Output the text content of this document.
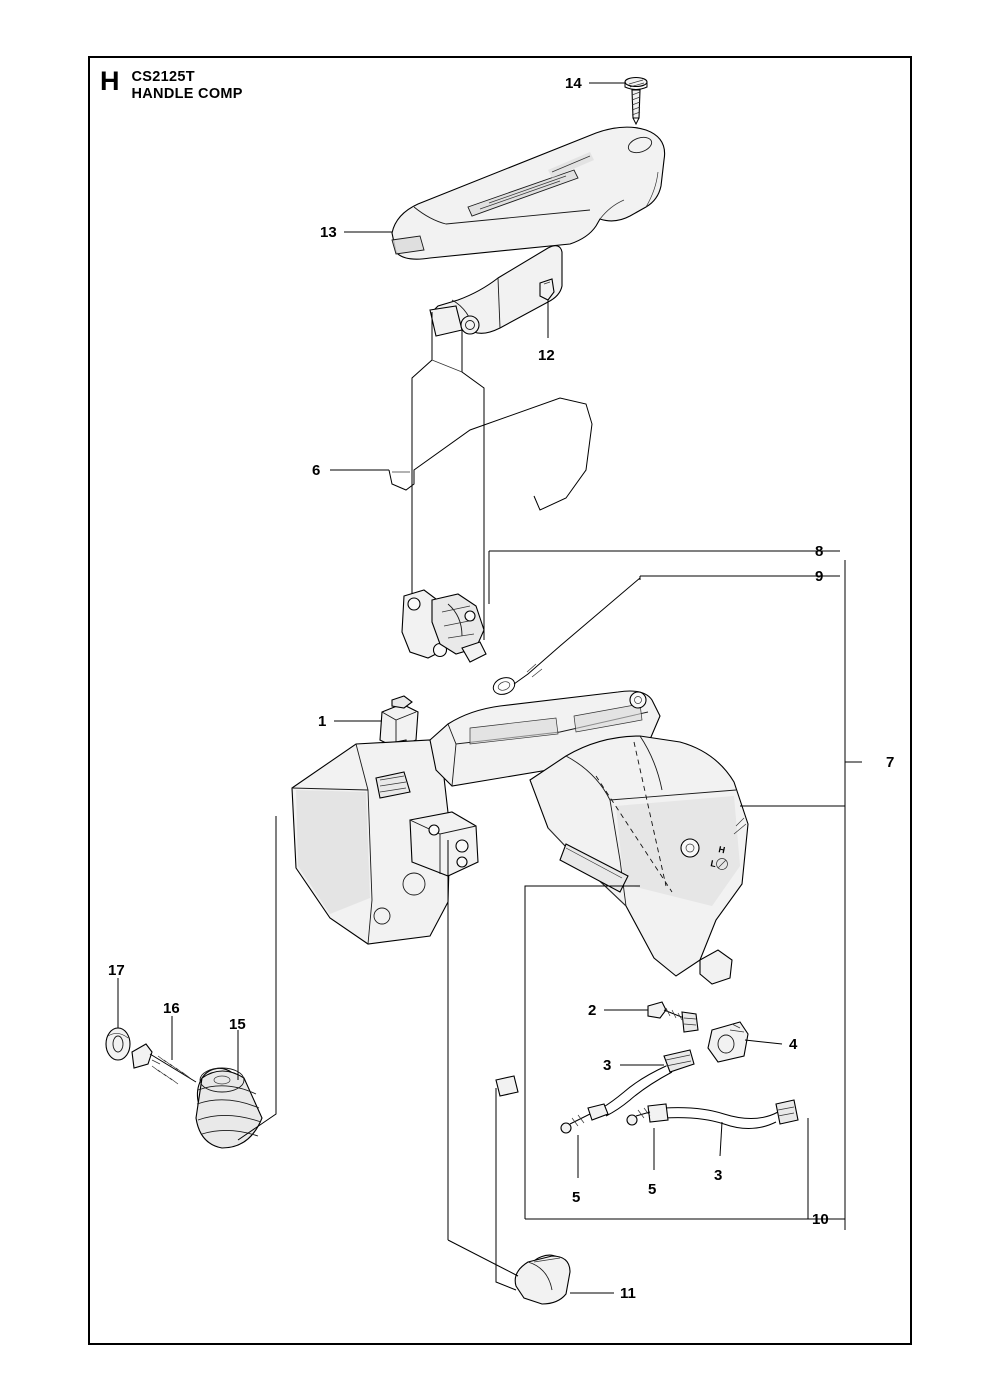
H CS2125T
HANDLE COMP
H
L
14
13
12
6
8
9
1
7
17
16
15
2
4
3
5	5
3
10
11
